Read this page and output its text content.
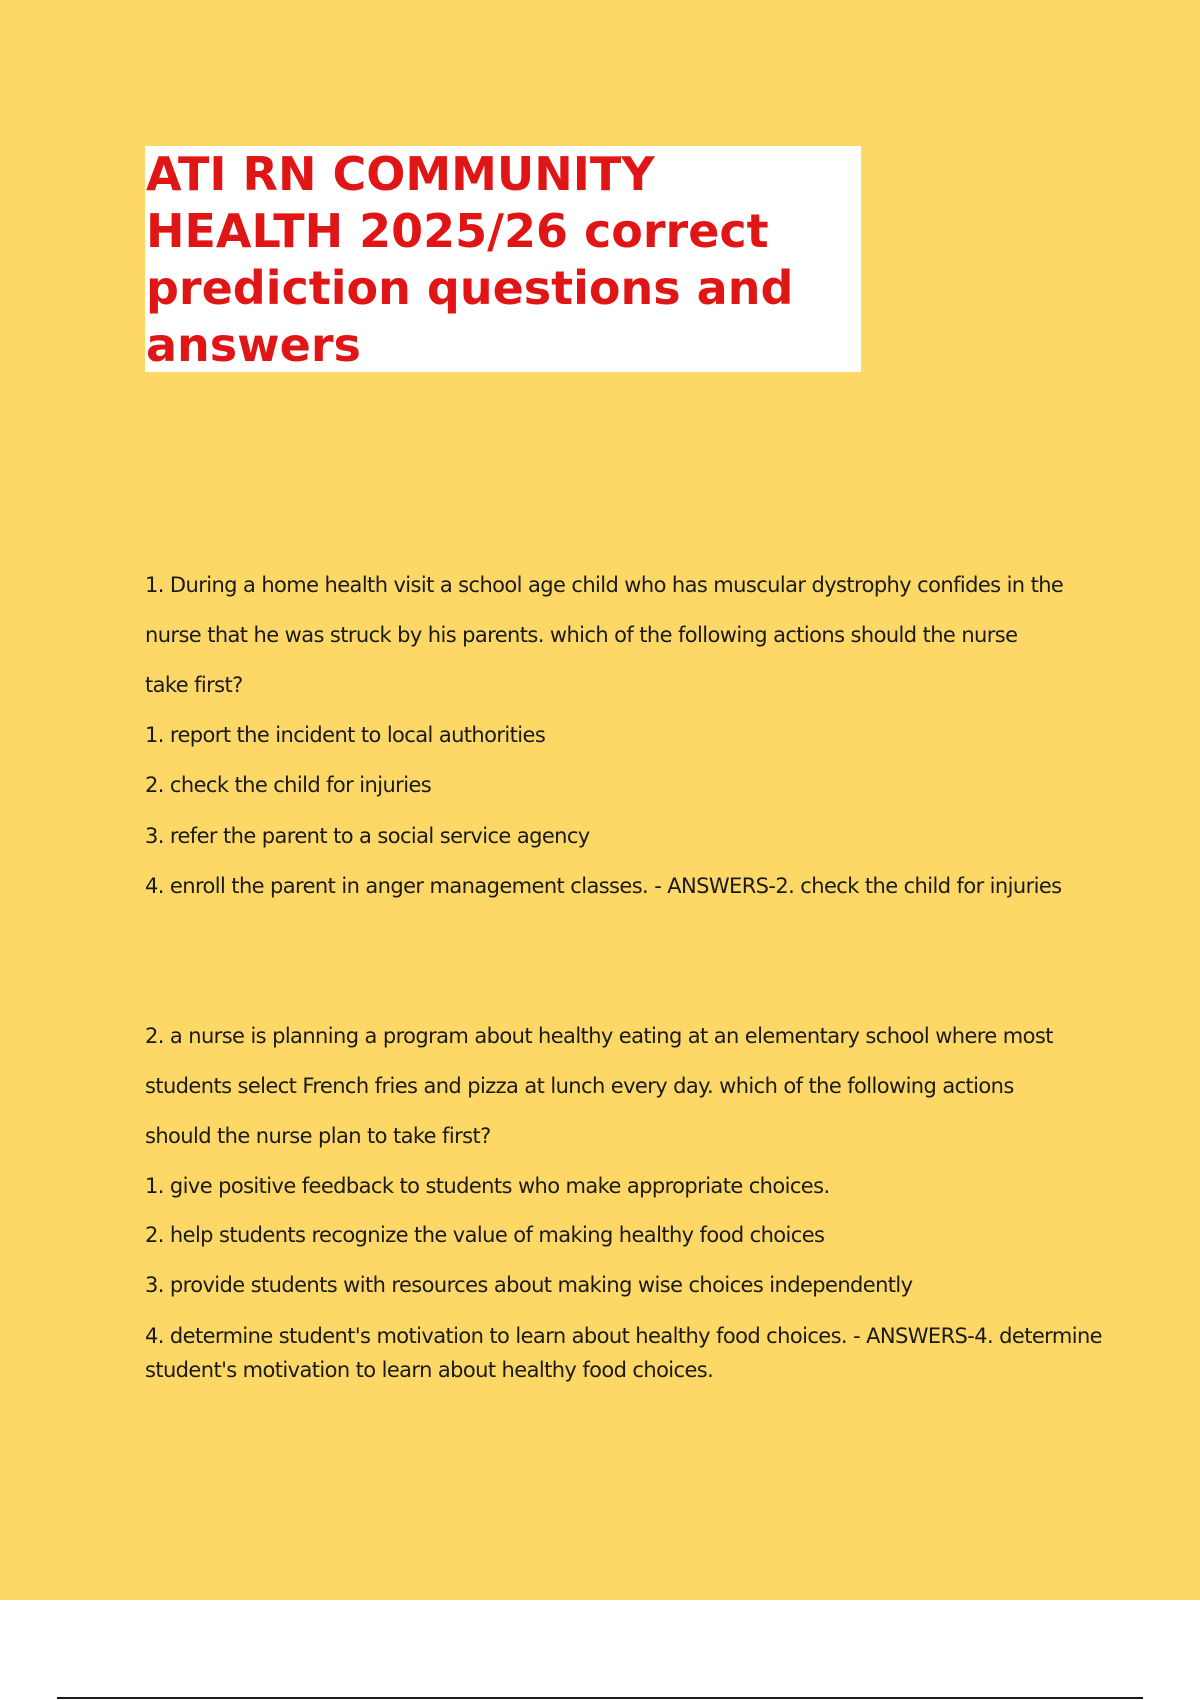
ATI RN COMMUNITY
HEALTH 2025/26 correct
prediction questions and
answers
1. During a home health visit a school age child who has muscular dystrophy confides in the
nurse that he was struck by his parents. which of the following actions should the nurse
take first?
1. report the incident to local authorities
2. check the child for injuries
3. refer the parent to a social service agency
4. enroll the parent in anger management classes. - ANSWERS-2. check the child for injuries
2. a nurse is planning a program about healthy eating at an elementary school where most
students select French fries and pizza at lunch every day. which of the following actions
should the nurse plan to take first?
1. give positive feedback to students who make appropriate choices.
2. help students recognize the value of making healthy food choices
3. provide students with resources about making wise choices independently
4. determine student's motivation to learn about healthy food choices. - ANSWERS-4. determine student's motivation to learn about healthy food choices.
